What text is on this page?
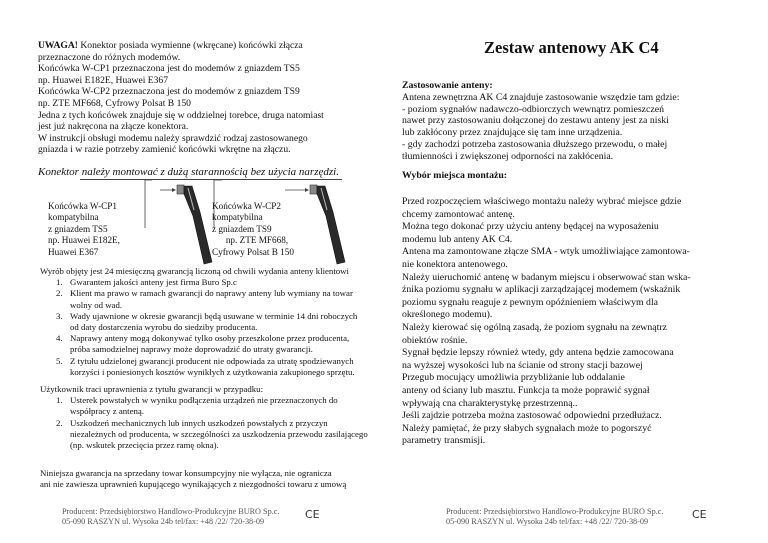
UWAGA! Konektor posiada wymienne (wkręcane) końcówki złącza
przeznaczone do różnych modemów.
Końcówka W-CP1 przeznaczona jest do modemów z gniazdem TS5
np. Huawei E182E, Huawei E367
Końcówka W-CP2 przeznaczona jest do modemów z gniazdem TS9
np. ZTE MF668, Cyfrowy Polsat B 150
Jedna z tych końcówek znajduje się w oddzielnej torebce, druga natomiast
jest już nakręcona na złącze konektora.
W instrukcji obsługi modemu należy sprawdzić rodzaj zastosowanego
gniazda i w razie potrzeby zamienić końcówki wkrętne na złączu.
Konektor należy montować z dużą starannością bez użycia narzędzi.
Końcówka W-CP1
kompatybilna
z gniazdem TS5
np. Huawei E182E,
Huawei E367
Końcówka W-CP2
kompatybilna
z gniazdem TS9
np. ZTE MF668,
Cyfrowy Polsat B 150
Wyrób objęty jest 24 miesięczną gwarancją liczoną od chwili wydania anteny klientowi
1. Gwarantem jakości anteny jest firma Buro Sp.c
2. Klient ma prawo w ramach gwarancji do naprawy anteny lub wymiany na towar
wolny od wad.
3. Wady ujawnione w okresie gwarancji będą usuwane w terminie 14 dni roboczych
od daty dostarczenia wyrobu do siedziby producenta.
4. Naprawy anteny mogą dokonywać tylko osoby przeszkolone przez producenta,
próba samodzielnej naprawy może doprowadzić do utraty gwarancji.
5. Z tytułu udzielonej gwarancji producent nie odpowiada za utratę spodziewanych
korzyści i poniesionych kosztów wynikłych z użytkowania zakupionego sprzętu.
Użytkownik traci uprawnienia z tytułu gwarancji w przypadku:
1. Usterek powstałych w wyniku podłączenia urządzeń nie przeznaczonych do
współpracy z anteną.
2. Uszkodzeń mechanicznych lub innych uszkodzeń powstałych z przyczyn
niezależnych od producenta, w szczególności za uszkodzenia przewodu zasilającego
(np. wskutek przecięcia przez ramę okna).
Niniejsza gwarancja na sprzedany towar konsumpcyjny nie wyłącza, nie ogranicza
ani nie zawiesza uprawnień kupującego wynikających z niezgodności towaru z umową
Producent: Przedsiębiorstwo Handlowo-Produkcyjne BURO Sp.c.
05-090 RASZYN ul. Wysoka 24b tel/fax: +48 /22/ 720-38-09
CE
Zestaw antenowy AK C4
Zastosowanie anteny:
Antena zewnętrzna AK C4 znajduje zastosowanie wszędzie tam gdzie:
- poziom sygnałów nadawczo-odbiorczych wewnątrz pomieszczeń
nawet przy zastosowaniu dołączonej do zestawu anteny jest za niski
lub zakłócony przez znajdujące się tam inne urządzenia.
- gdy zachodzi potrzeba zastosowania dłuższego przewodu, o małej
tłumienności i zwiększonej odporności na zakłócenia.
Wybór miejsca montażu:
Przed rozpoczęciem właściwego montażu należy wybrać miejsce gdzie
chcemy zamontować antenę.
Można tego dokonać przy użyciu anteny będącej na wyposażeniu
modemu lub anteny AK C4.
Antena ma zamontowane złącze SMA - wtyk umożliwiające zamontowa-
nie konektora antenowego.
Należy uieruchomić antenę w badanym miejscu i obserwować stan wska-
źnika poziomu sygnału w aplikacji zarządzającej modemem (wskaźnik
poziomu sygnału reaguje z pewnym opóźnieniem właściwym dla
określonego modemu).
Należy kierować się ogólną zasadą, że poziom sygnału na zewnątrz
obiektów rośnie.
Sygnał będzie lepszy również wtedy, gdy antena będzie zamocowana
na wyższej wysokości lub na ścianie od strony stacji bazowej
Przegub mocujący umożliwia przybliżanie lub oddalanie
anteny od ściany lub masztu. Funkcja ta może poprawić sygnał
wpływają cna charakterystykę przestrzenną..
Jeśli zajdzie potrzeba można zastosować odpowiedni przedłużacz.
Należy pamiętać, że przy słabych sygnałach może to pogorszyć
parametry transmisji.
Producent: Przedsiębiorstwo Handlowo-Produkcyjne BURO Sp.c.
05-090 RASZYN ul. Wysoka 24b tel/fax: +48 /22/ 720-38-09
CE
